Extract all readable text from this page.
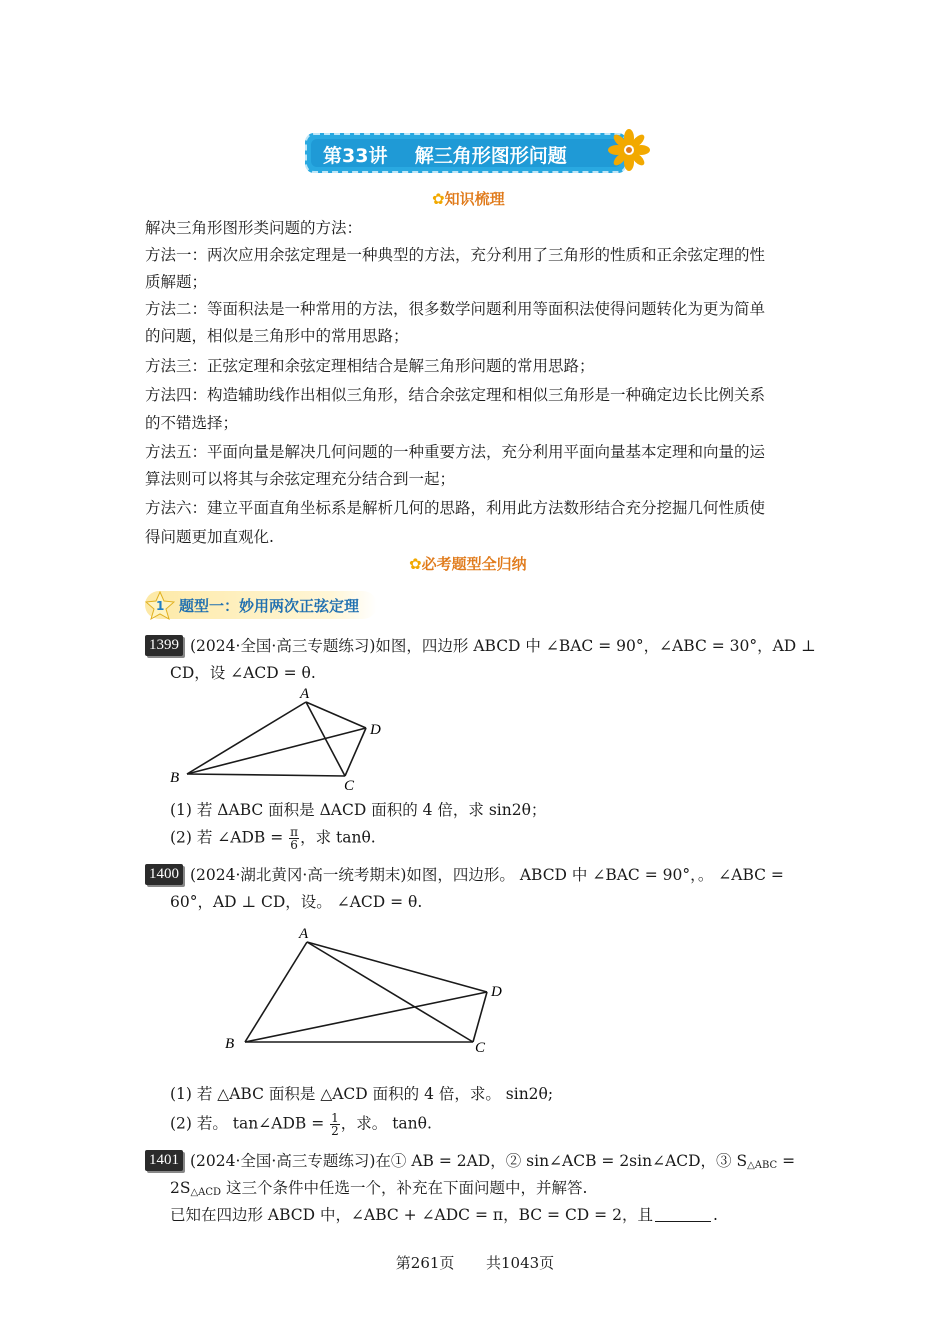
第33讲 解三角形图形问题
✿知识梳理
解决三角形图形类问题的方法：
方法一：两次应用余弦定理是一种典型的方法，充分利用了三角形的性质和正余弦定理的性
质解题；
方法二：等面积法是一种常用的方法，很多数学问题利用等面积法使得问题转化为更为简单
的问题，相似是三角形中的常用思路；
方法三：正弦定理和余弦定理相结合是解三角形问题的常用思路；
方法四：构造辅助线作出相似三角形，结合余弦定理和相似三角形是一种确定边长比例关系
的不错选择；
方法五：平面向量是解决几何问题的一种重要方法，充分利用平面向量基本定理和向量的运
算法则可以将其与余弦定理充分结合到一起；
方法六：建立平面直角坐标系是解析几何的思路，利用此方法数形结合充分挖掘几何性质使
得问题更加直观化.
✿必考题型全归纳
1 题型一：妙用两次正弦定理
1399 (2024·全国·高三专题练习)如图，四边形 ABCD 中 ∠BAC = 90°，∠ABC = 30°，AD ⊥
CD，设 ∠ACD = θ.
A
B	C
D
(1) 若 ΔABC 面积是 ΔACD 面积的 4 倍，求 sin2θ；
(2) 若 ∠ADB = $\frac{\pi}{6}$ ，求 tanθ.
1400 (2024·湖北黄冈·高一统考期末)如图，四边形。 ABCD 中 ∠BAC = 90°，。 ∠ABC =
60°，AD ⊥ CD，设。 ∠ACD = θ.
A
B	C
D
(1) 若 △ABC 面积是 △ACD 面积的 4 倍，求。 sin2θ;
(2) 若。 tan∠ADB = $\frac{1}{2}$ ，求。 tanθ.
1401 (2024·全国·高三专题练习)在① AB = 2AD，② sin∠ACB = 2sin∠ACD，③ $S_{\triangle ABC}$ =
$2S_{\triangle ACD}$ 这三个条件中任选一个，补充在下面问题中，并解答.
已知在四边形 ABCD 中，∠ABC + ∠ADC = π，BC = CD = 2，且	.
第261页 共1043页
